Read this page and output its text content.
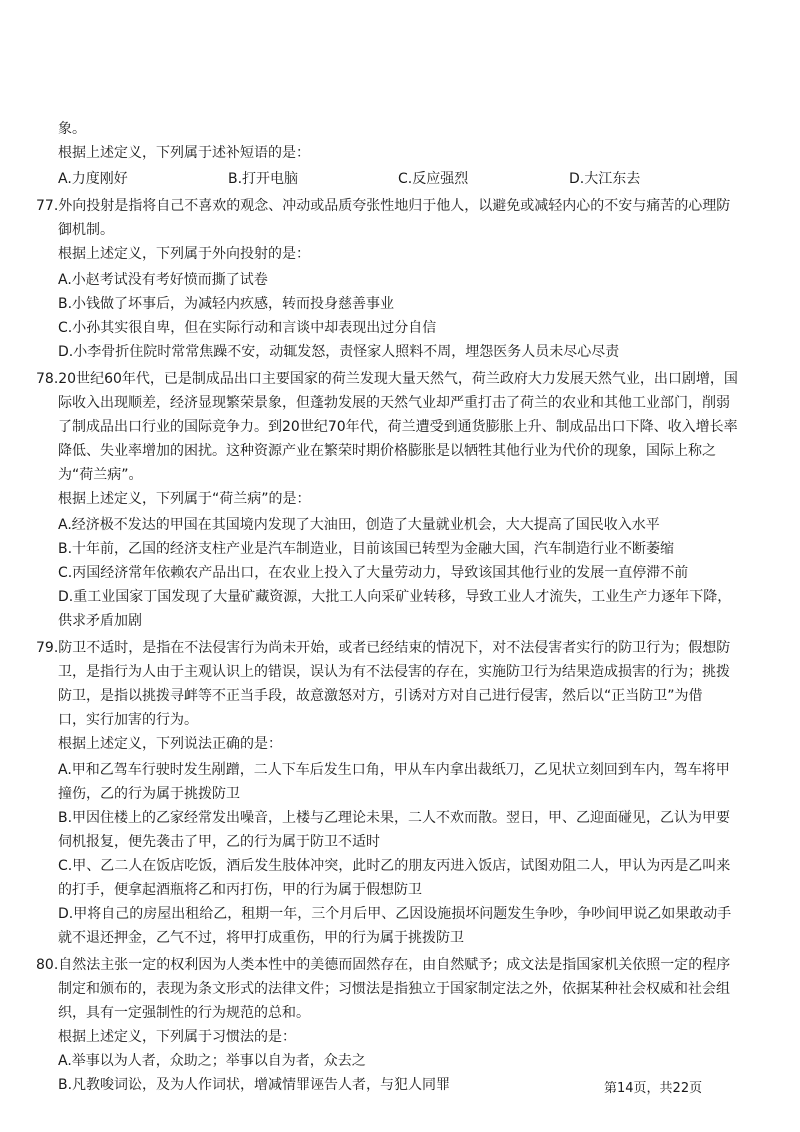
象。
根据上述定义，下列属于述补短语的是：
A.力度刚好	B.打开电脑	C.反应强烈	D.大江东去
77.外向投射是指将自己不喜欢的观念、冲动或品质夸张性地归于他人，以避免或减轻内心的不安与痛苦的心理防
御机制。
根据上述定义，下列属于外向投射的是：
A.小赵考试没有考好愤而撕了试卷
B.小钱做了坏事后，为减轻内疚感，转而投身慈善事业
C.小孙其实很自卑，但在实际行动和言谈中却表现出过分自信
D.小李骨折住院时常常焦躁不安，动辄发怒，责怪家人照料不周，埋怨医务人员未尽心尽责
78.20世纪60年代，已是制成品出口主要国家的荷兰发现大量天然气，荷兰政府大力发展天然气业，出口剧增，国
际收入出现顺差，经济显现繁荣景象，但蓬勃发展的天然气业却严重打击了荷兰的农业和其他工业部门，削弱
了制成品出口行业的国际竞争力。到20世纪70年代，荷兰遭受到通货膨胀上升、制成品出口下降、收入增长率
降低、失业率增加的困扰。这种资源产业在繁荣时期价格膨胀是以牺牲其他行业为代价的现象，国际上称之
为“荷兰病”。
根据上述定义，下列属于“荷兰病”的是：
A.经济极不发达的甲国在其国境内发现了大油田，创造了大量就业机会，大大提高了国民收入水平
B.十年前，乙国的经济支柱产业是汽车制造业，目前该国已转型为金融大国，汽车制造行业不断萎缩
C.丙国经济常年依赖农产品出口，在农业上投入了大量劳动力，导致该国其他行业的发展一直停滞不前
D.重工业国家丁国发现了大量矿藏资源，大批工人向采矿业转移，导致工业人才流失，工业生产力逐年下降，
供求矛盾加剧
79.防卫不适时，是指在不法侵害行为尚未开始，或者已经结束的情况下，对不法侵害者实行的防卫行为；假想防
卫，是指行为人由于主观认识上的错误，误认为有不法侵害的存在，实施防卫行为结果造成损害的行为；挑拨
防卫，是指以挑拨寻衅等不正当手段，故意激怒对方，引诱对方对自己进行侵害，然后以“正当防卫”为借
口，实行加害的行为。
根据上述定义，下列说法正确的是：
A.甲和乙驾车行驶时发生剐蹭，二人下车后发生口角，甲从车内拿出裁纸刀，乙见状立刻回到车内，驾车将甲
撞伤，乙的行为属于挑拨防卫
B.甲因住楼上的乙家经常发出噪音，上楼与乙理论未果，二人不欢而散。翌日，甲、乙迎面碰见，乙认为甲要
伺机报复，便先袭击了甲，乙的行为属于防卫不适时
C.甲、乙二人在饭店吃饭，酒后发生肢体冲突，此时乙的朋友丙进入饭店，试图劝阻二人，甲认为丙是乙叫来
的打手，便拿起酒瓶将乙和丙打伤，甲的行为属于假想防卫
D.甲将自己的房屋出租给乙，租期一年，三个月后甲、乙因设施损坏问题发生争吵，争吵间甲说乙如果敢动手
就不退还押金，乙气不过，将甲打成重伤，甲的行为属于挑拨防卫
80.自然法主张一定的权利因为人类本性中的美德而固然存在，由自然赋予；成文法是指国家机关依照一定的程序
制定和颁布的，表现为条文形式的法律文件；习惯法是指独立于国家制定法之外，依据某种社会权威和社会组
织，具有一定强制性的行为规范的总和。
根据上述定义，下列属于习惯法的是：
A.举事以为人者，众助之；举事以自为者，众去之
B.凡教唆词讼，及为人作词状，增减情罪诬告人者，与犯人同罪	第14页，共22页
